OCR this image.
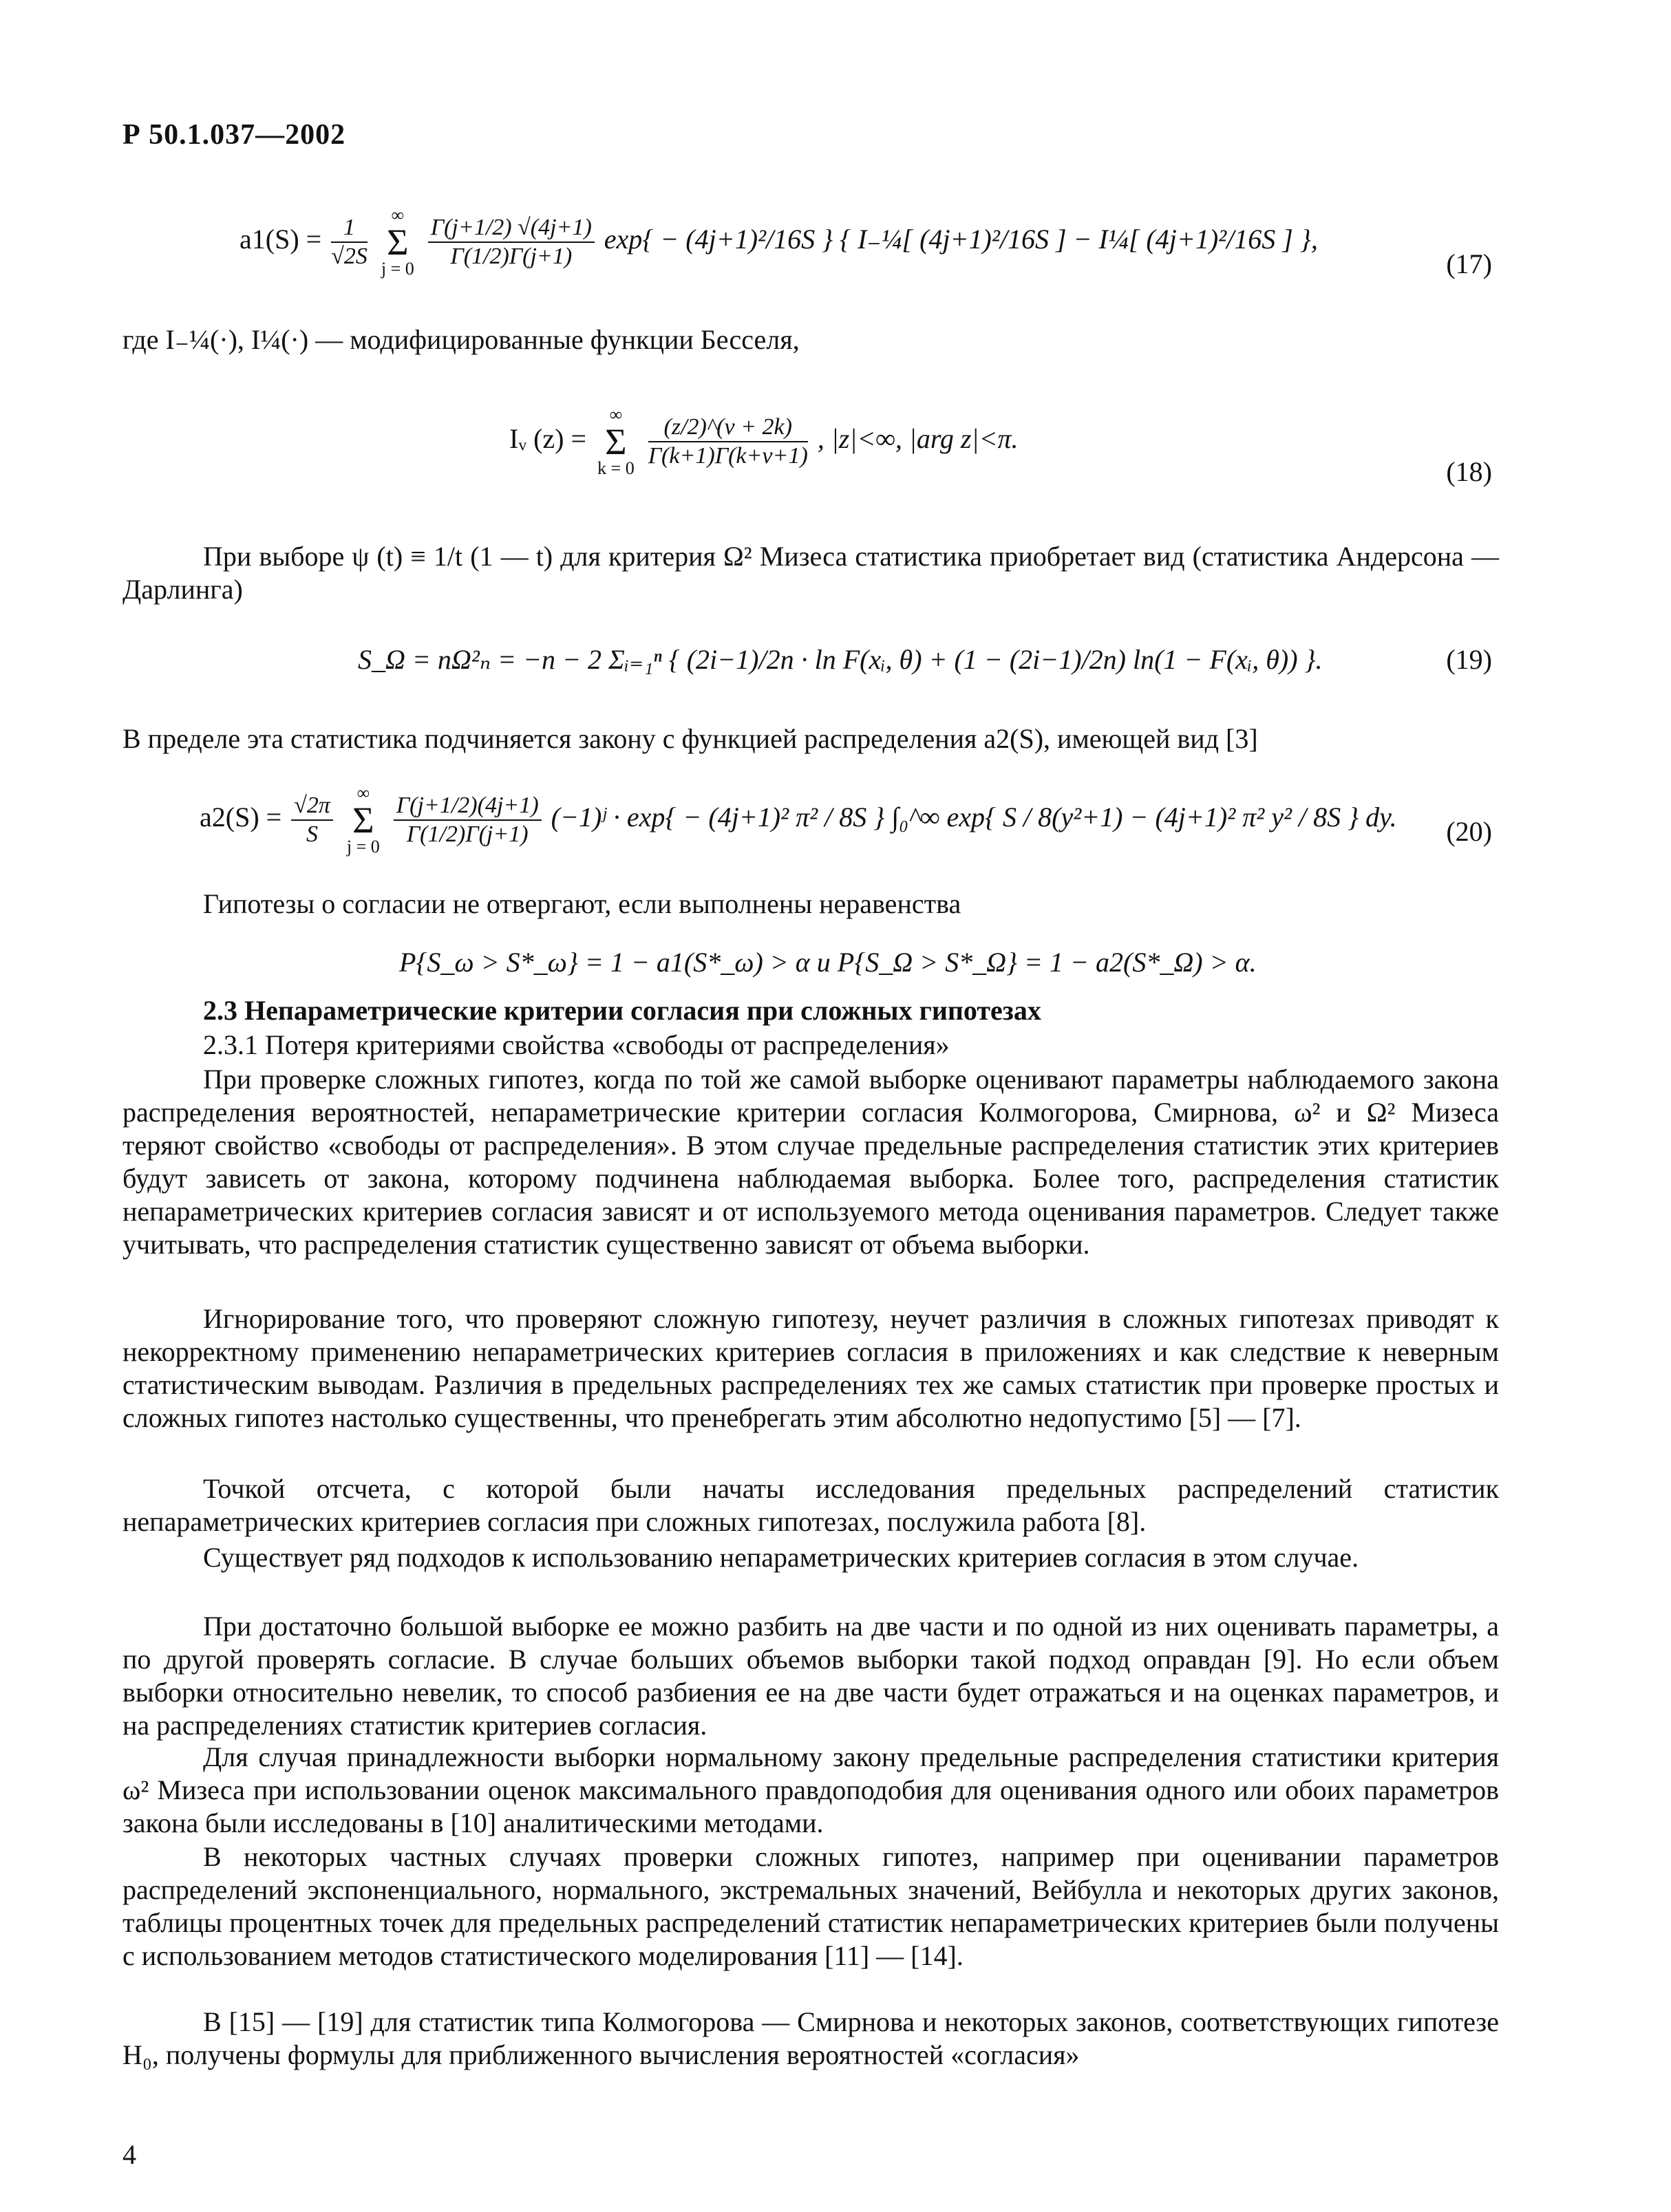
Р 50.1.037—2002
$a1(S) = \frac{1}{√2S}$ ∞
Σ
$j = 0 \frac{\Gamma(j+1/2) √(4j+1)}{\Gamma(1/2)\Gamma(j+1)} \exp\{ - (4j+1)^2/16S$ } { I₋¼[ (4j+1)²/16S ] − I¼[ (4j+1)²/16S ] },
(17)
где I₋¼(·), I¼(·) — модифицированные функции Бесселя,
Iᵥ (z) = ∞
Σ
$k = 0 \frac{(z/2)\^{}(\nu + 2k)}{\Gamma(k+1)\Gamma(k+\nu+1)}$ , |z|<∞, |arg z|<π.
(18)
При выборе ψ (t) ≡ 1/t (1 — t) для критерия Ω² Мизеса статистика приобретает вид (статистика Андерсона — Дарлинга)
S_Ω = nΩ²ₙ = −n − 2 Σᵢ₌₁ⁿ { (2i−1)/2n · ln F(xᵢ, θ) + (1 − (2i−1)/2n) ln(1 − F(xᵢ, θ)) }.	(19)
В пределе эта статистика подчиняется закону с функцией распределения a2(S), имеющей вид [3]
$a2(S) = \frac{√2\pi}{S}$ ∞
Σ
$j = 0 \frac{\Gamma(j+1/2)(4j+1)}{\Gamma(1/2)\Gamma(j+1)}$ (−1)ʲ · exp{ − (4j+1)² π² / 8S } ∫₀^∞ exp{ S / 8(y²+1) − (4j+1)² π² y² / 8S } dy. (20)
Гипотезы о согласии не отвергают, если выполнены неравенства
P{S_ω > S*_ω} = 1 − a1(S*_ω) > α и P{S_Ω > S*_Ω} = 1 − a2(S*_Ω) > α.
2.3 Непараметрические критерии согласия при сложных гипотезах
2.3.1 Потеря критериями свойства «свободы от распределения»
При проверке сложных гипотез, когда по той же самой выборке оценивают параметры наблюдаемого закона распределения вероятностей, непараметрические критерии согласия Колмогорова, Смирнова, ω² и Ω² Мизеса теряют свойство «свободы от распределения». В этом случае предельные распределения статистик этих критериев будут зависеть от закона, которому подчинена наблюдаемая выборка. Более того, распределения статистик непараметрических критериев согласия зависят и от используемого метода оценивания параметров. Следует также учитывать, что распределения статистик существенно зависят от объема выборки.
Игнорирование того, что проверяют сложную гипотезу, неучет различия в сложных гипотезах приводят к некорректному применению непараметрических критериев согласия в приложениях и как следствие к неверным статистическим выводам. Различия в предельных распределениях тех же самых статистик при проверке простых и сложных гипотез настолько существенны, что пренебрегать этим абсолютно недопустимо [5] — [7].
Точкой отсчета, с которой были начаты исследования предельных распределений статистик непараметрических критериев согласия при сложных гипотезах, послужила работа [8].
Существует ряд подходов к использованию непараметрических критериев согласия в этом случае.
При достаточно большой выборке ее можно разбить на две части и по одной из них оценивать параметры, а по другой проверять согласие. В случае больших объемов выборки такой подход оправдан [9]. Но если объем выборки относительно невелик, то способ разбиения ее на две части будет отражаться и на оценках параметров, и на распределениях статистик критериев согласия.
Для случая принадлежности выборки нормальному закону предельные распределения статистики критерия ω² Мизеса при использовании оценок максимального правдоподобия для оценивания одного или обоих параметров закона были исследованы в [10] аналитическими методами.
В некоторых частных случаях проверки сложных гипотез, например при оценивании параметров распределений экспоненциального, нормального, экстремальных значений, Вейбулла и некоторых других законов, таблицы процентных точек для предельных распределений статистик непараметрических критериев были получены с использованием методов статистического моделирования [11] — [14].
В [15] — [19] для статистик типа Колмогорова — Смирнова и некоторых законов, соответствующих гипотезе H₀, получены формулы для приближенного вычисления вероятностей «согласия»
4
